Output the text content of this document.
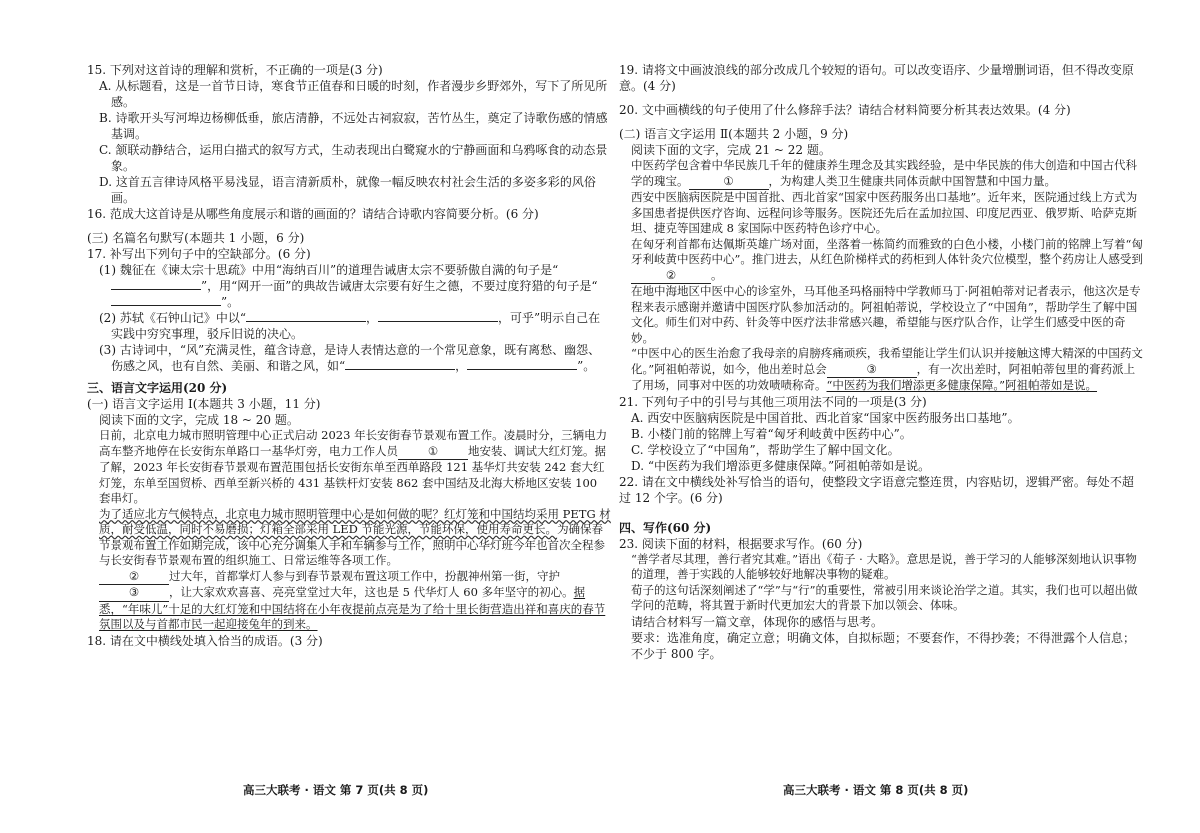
15. 下列对这首诗的理解和赏析，不正确的一项是(3 分)

A. 从标题看，这是一首节日诗，寒食节正值春和日暖的时刻，作者漫步乡野郊外，写下了所见所感。

B. 诗歌开头写河埠边杨柳低垂，旅店清静，不远处古祠寂寂，苦竹丛生，奠定了诗歌伤感的情感基调。

C. 颔联动静结合，运用白描式的叙写方式，生动表现出白鹭窥水的宁静画面和乌鸦啄食的动态景象。

D. 这首五言律诗风格平易浅显，语言清新质朴，就像一幅反映农村社会生活的多姿多彩的风俗画。

16. 范成大这首诗是从哪些角度展示和谐的画面的？请结合诗歌内容简要分析。(6 分)

(三) 名篇名句默写(本题共 1 小题，6 分)

17. 补写出下列句子中的空缺部分。(6 分)

(1) 魏征在《谏太宗十思疏》中用“海纳百川”的道理告诫唐太宗不要骄傲自满的句子是“”，用“网开一面”的典故告诫唐太宗要有好生之德，不要过度狩猎的句子是“”。

(2) 苏轼《石钟山记》中以“	，	，可乎”明示自己在实践中穷究事理，驳斥旧说的决心。

(3) 古诗词中，“风”充满灵性，蕴含诗意，是诗人表情达意的一个常见意象，既有离愁、幽怨、伤感之风，也有自然、美丽、和谐之风，如“	，	”。

三、语言文字运用(20 分)

(一) 语言文字运用 Ⅰ(本题共 3 小题，11 分)

阅读下面的文字，完成 18 ~ 20 题。

日前，北京电力城市照明管理中心正式启动 2023 年长安街春节景观布置工作。凌晨时分，三辆电力高车整齐地停在长安街东单路口一基华灯旁，电力工作人员	①	地安装、调试大红灯笼。据了解，2023 年长安街春节景观布置范围包括长安街东单至西单路段 121 基华灯共安装 242 套大红灯笼，东单至国贸桥、西单至新兴桥的 431 基铁杆灯安装 862 套中国结及北海大桥地区安装 100 套串灯。

为了适应北方气候特点，北京电力城市照明管理中心是如何做的呢？红灯笼和中国结均采用 PETG 材质，耐受低温，同时不易磨损；灯箱全部采用 LED 节能光源，节能环保，使用寿命更长。为确保春节景观布置工作如期完成，该中心充分调集人手和车辆参与工作，照明中心华灯班今年也首次全程参与长安街春节景观布置的组织施工、日常运维等各项工作。

②	过大年，首都掌灯人参与到春节景观布置这项工作中，扮靓神州第一街，守护③	，让大家欢欢喜喜、亮亮堂堂过大年，这也是 5 代华灯人 60 多年坚守的初心。据悉，“年味儿”十足的大红灯笼和中国结将在小年夜提前点亮是为了给十里长街营造出祥和喜庆的春节氛围以及与首都市民一起迎接兔年的到来。

18. 请在文中横线处填入恰当的成语。(3 分)

19. 请将文中画波浪线的部分改成几个较短的语句。可以改变语序、少量增删词语，但不得改变原意。(4 分)

20. 文中画横线的句子使用了什么修辞手法？请结合材料简要分析其表达效果。(4 分)

(二) 语言文字运用 Ⅱ(本题共 2 小题，9 分)

阅读下面的文字，完成 21 ~ 22 题。

中医药学包含着中华民族几千年的健康养生理念及其实践经验，是中华民族的伟大创造和中国古代科学的瑰宝。	①	，为构建人类卫生健康共同体贡献中国智慧和中国力量。

西安中医脑病医院是中国首批、西北首家“国家中医药服务出口基地”。近年来，医院通过线上方式为多国患者提供医疗咨询、远程问诊等服务。医院还先后在孟加拉国、印度尼西亚、俄罗斯、哈萨克斯坦、捷克等国建成 8 家国际中医药特色诊疗中心。

在匈牙利首都布达佩斯英雄广场对面，坐落着一栋简约而雅致的白色小楼，小楼门前的铭牌上写着“匈牙利岐黄中医药中心”。推门进去，从红色阶梯样式的药柜到人体针灸穴位模型，整个药房让人感受到②	。

在地中海地区中医中心的诊室外，马耳他圣玛格丽特中学教师马丁·阿祖帕蒂对记者表示，他这次是专程来表示感谢并邀请中国医疗队参加活动的。阿祖帕蒂说，学校设立了“中国角”，帮助学生了解中国文化。师生们对中药、针灸等中医疗法非常感兴趣，希望能与医疗队合作，让学生们感受中医的奇妙。

“中医中心的医生治愈了我母亲的肩膀疼痛顽疾，我希望能让学生们认识并接触这博大精深的中国药文化。”阿祖帕蒂说，如今，他出差时总会	③	，有一次出差时，阿祖帕蒂包里的膏药派上了用场，同事对中医的功效啧啧称奇。“中医药为我们增添更多健康保障。”阿祖帕蒂如是说。

21. 下列句子中的引号与其他三项用法不同的一项是(3 分)

A. 西安中医脑病医院是中国首批、西北首家“国家中医药服务出口基地”。

B. 小楼门前的铭牌上写着“匈牙利岐黄中医药中心”。

C. 学校设立了“中国角”，帮助学生了解中国文化。

D. “中医药为我们增添更多健康保障。”阿祖帕蒂如是说。

22. 请在文中横线处补写恰当的语句，使整段文字语意完整连贯，内容贴切，逻辑严密。每处不超过 12 个字。(6 分)

四、写作(60 分)

23. 阅读下面的材料，根据要求写作。(60 分)

“善学者尽其理，善行者究其难。”语出《荀子 · 大略》。意思是说，善于学习的人能够深刻地认识事物的道理，善于实践的人能够较好地解决事物的疑难。

荀子的这句话深刻阐述了“学”与“行”的重要性，常被引用来谈论治学之道。其实，我们也可以超出做学问的范畴，将其置于新时代更加宏大的背景下加以领会、体味。

请结合材料写一篇文章，体现你的感悟与思考。

要求：选准角度，确定立意；明确文体，自拟标题；不要套作，不得抄袭；不得泄露个人信息；不少于 800 字。

高三大联考 · 语文 第 7 页(共 8 页)	高三大联考 · 语文 第 8 页(共 8 页)
